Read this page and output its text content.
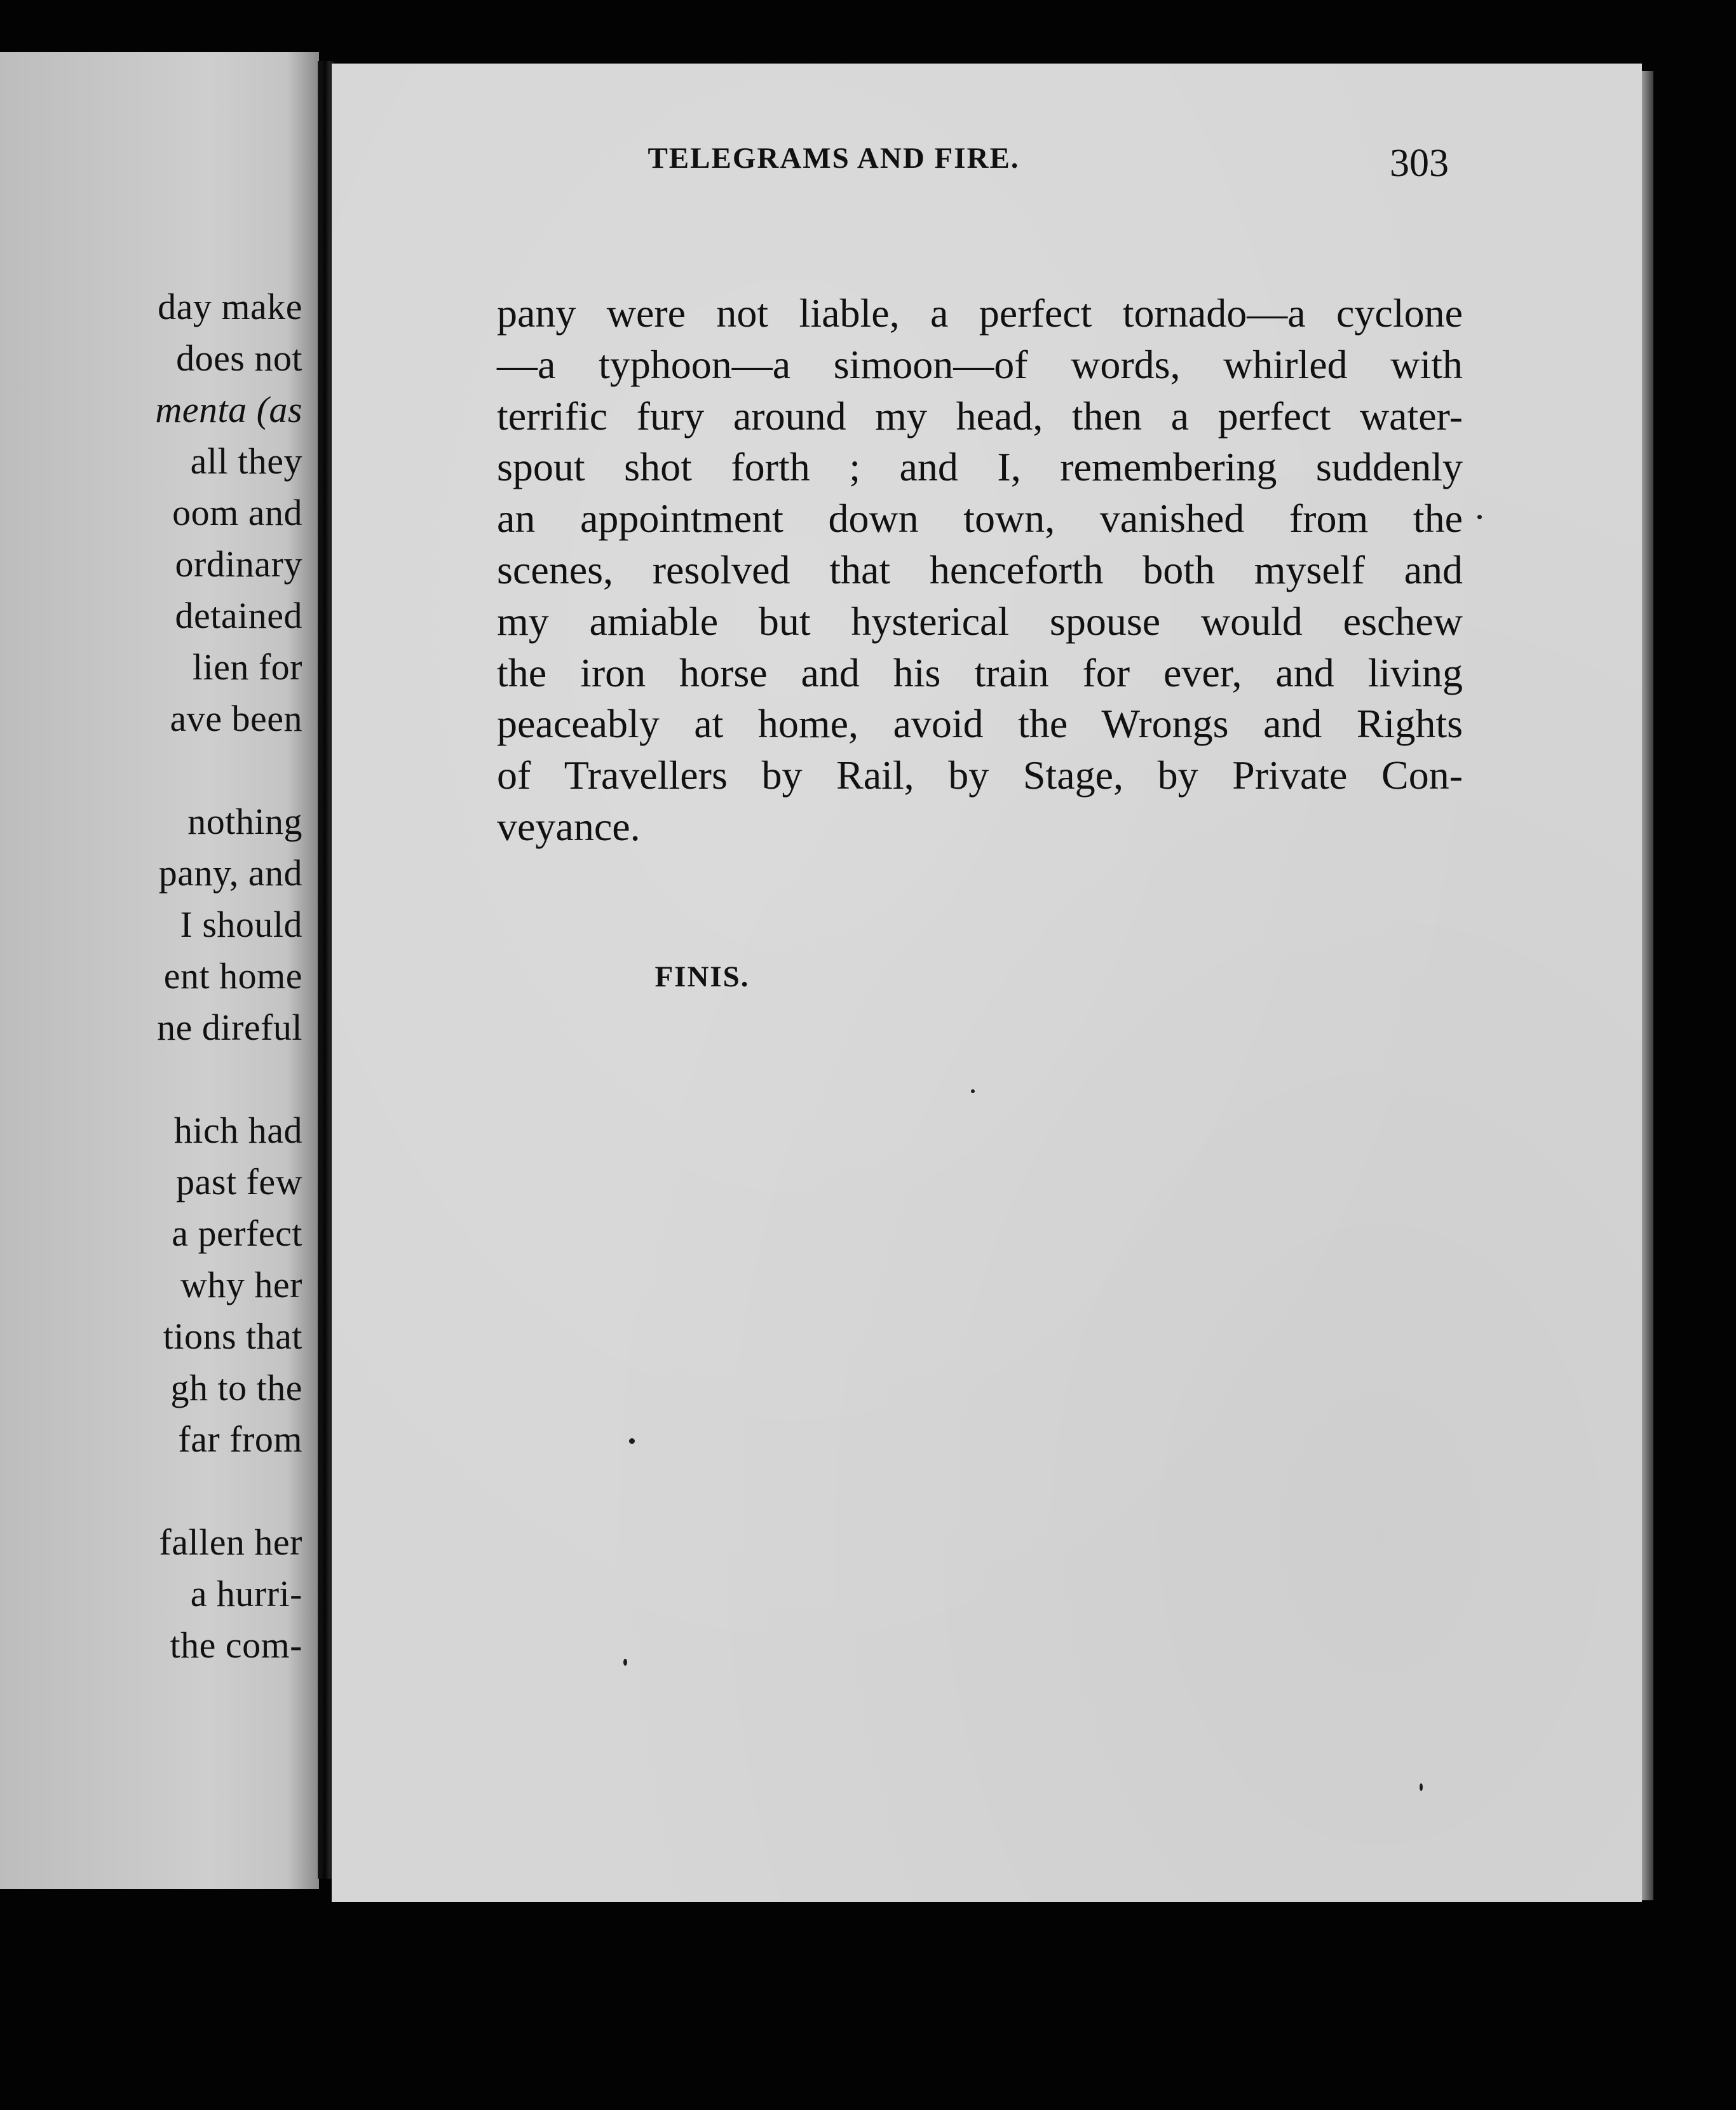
day make
does not
menta (as
all they
oom and
ordinary
detained
lien for
ave been
nothing
pany, and
I should
ent home
ne direful
hich had
past few
a perfect
why her
tions that
gh to the
far from
fallen her
a hurri-
the com-
pany were not liable, a perfect tornado—a cyclone
—a typhoon—a simoon—of words, whirled with
terrific fury around my head, then a perfect water-
spout shot forth ; and I, remembering suddenly
an appointment down town, vanished from the
scenes, resolved that henceforth both myself and
my amiable but hysterical spouse would eschew
the iron horse and his train for ever, and living
peaceably at home, avoid the Wrongs and Rights
of Travellers by Rail, by Stage, by Private Con-
veyance.
TELEGRAMS AND FIRE.	303
FINIS.
